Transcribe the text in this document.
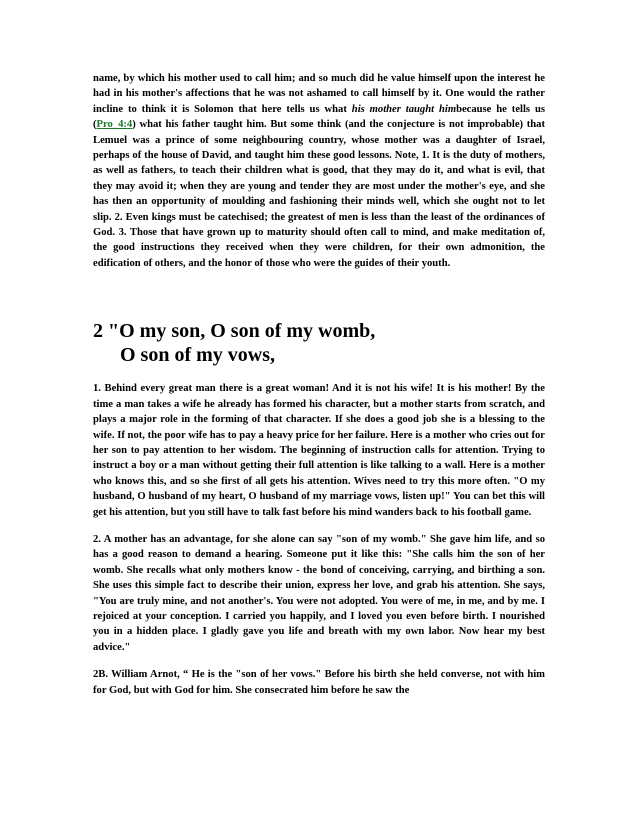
name, by which his mother used to call him; and so much did he value himself upon the interest he had in his mother's affections that he was not ashamed to call himself by it. One would the rather incline to think it is Solomon that here tells us what his mother taught himbecause he tells us (Pro_4:4) what his father taught him. But some think (and the conjecture is not improbable) that Lemuel was a prince of some neighbouring country, whose mother was a daughter of Israel, perhaps of the house of David, and taught him these good lessons. Note, 1. It is the duty of mothers, as well as fathers, to teach their children what is good, that they may do it, and what is evil, that they may avoid it; when they are young and tender they are most under the mother's eye, and she has then an opportunity of moulding and fashioning their minds well, which she ought not to let slip. 2. Even kings must be catechised; the greatest of men is less than the least of the ordinances of God. 3. Those that have grown up to maturity should often call to mind, and make meditation of, the good instructions they received when they were children, for their own admonition, the edification of others, and the honor of those who were the guides of their youth.

2 "O my son, O son of my womb,
O son of my vows,

1. Behind every great man there is a great woman! And it is not his wife! It is his mother! By the time a man takes a wife he already has formed his character, but a mother starts from scratch, and plays a major role in the forming of that character. If she does a good job she is a blessing to the wife. If not, the poor wife has to pay a heavy price for her failure. Here is a mother who cries out for her son to pay attention to her wisdom. The beginning of instruction calls for attention. Trying to instruct a boy or a man without getting their full attention is like talking to a wall. Here is a mother who knows this, and so she first of all gets his attention. Wives need to try this more often. "O my husband, O husband of my heart, O husband of my marriage vows, listen up!" You can bet this will get his attention, but you still have to talk fast before his mind wanders back to his football game.

2. A mother has an advantage, for she alone can say "son of my womb." She gave him life, and so has a good reason to demand a hearing. Someone put it like this: "She calls him the son of her womb. She recalls what only mothers know - the bond of conceiving, carrying, and birthing a son. She uses this simple fact to describe their union, express her love, and grab his attention. She says, "You are truly mine, and not another's. You were not adopted. You were of me, in me, and by me. I rejoiced at your conception. I carried you happily, and I loved you even before birth. I nourished you in a hidden place. I gladly gave you life and breath with my own labor. Now hear my best advice."

2B. William Arnot, “ He is the "son of her vows." Before his birth she held converse, not with him for God, but with God for him. She consecrated him before he saw the
